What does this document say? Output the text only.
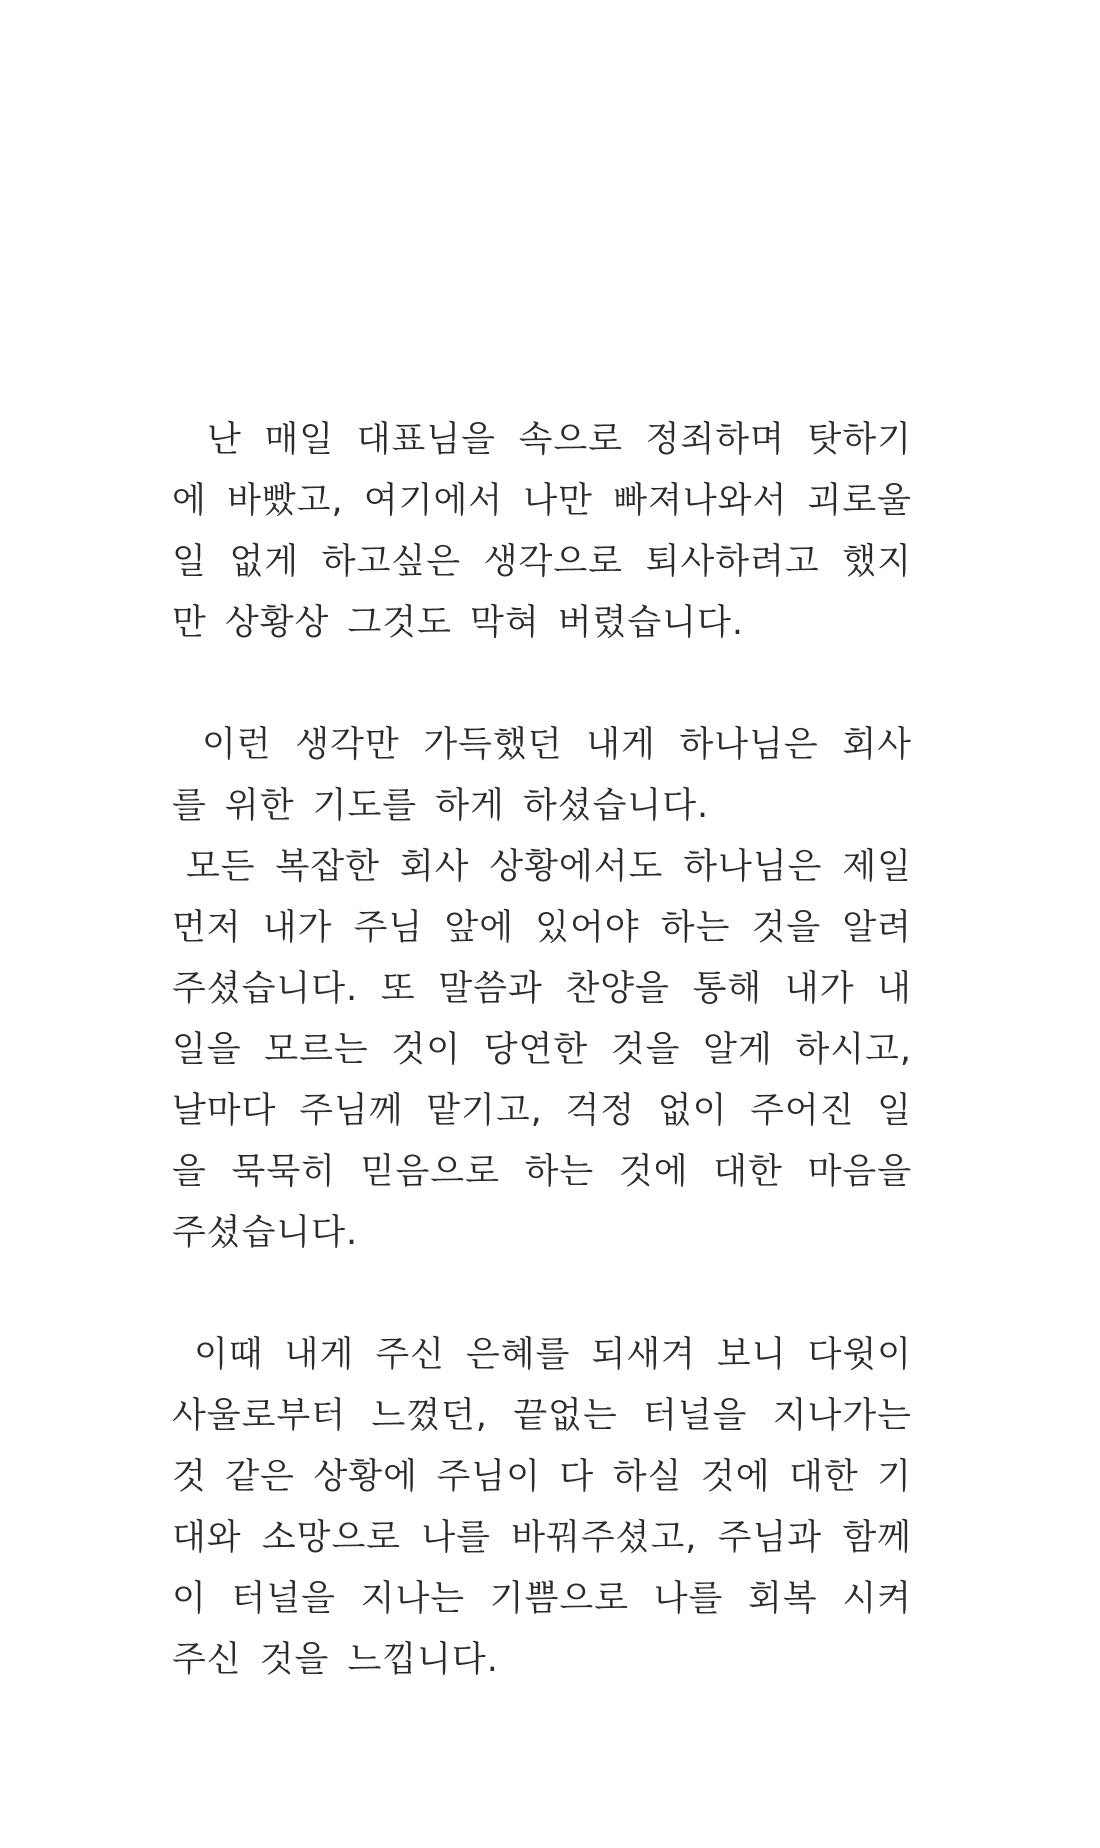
난 매일 대표님을 속으로 정죄하며 탓하기에 바빴고, 여기에서 나만 빠져나와서 괴로울 일 없게 하고싶은 생각으로 퇴사하려고 했지만 상황상 그것도 막혀 버렸습니다.

이런 생각만 가득했던 내게 하나님은 회사를 위한 기도를 하게 하셨습니다.

모든 복잡한 회사 상황에서도 하나님은 제일 먼저 내가 주님 앞에 있어야 하는 것을 알려주셨습니다. 또 말씀과 찬양을 통해 내가 내일을 모르는 것이 당연한 것을 알게 하시고, 날마다 주님께 맡기고, 걱정 없이 주어진 일을 묵묵히 믿음으로 하는 것에 대한 마음을 주셨습니다.

이때 내게 주신 은혜를 되새겨 보니 다윗이 사울로부터 느꼈던, 끝없는 터널을 지나가는 것 같은 상황에 주님이 다 하실 것에 대한 기대와 소망으로 나를 바꿔주셨고, 주님과 함께 이 터널을 지나는 기쁨으로 나를 회복 시켜 주신 것을 느낍니다.
